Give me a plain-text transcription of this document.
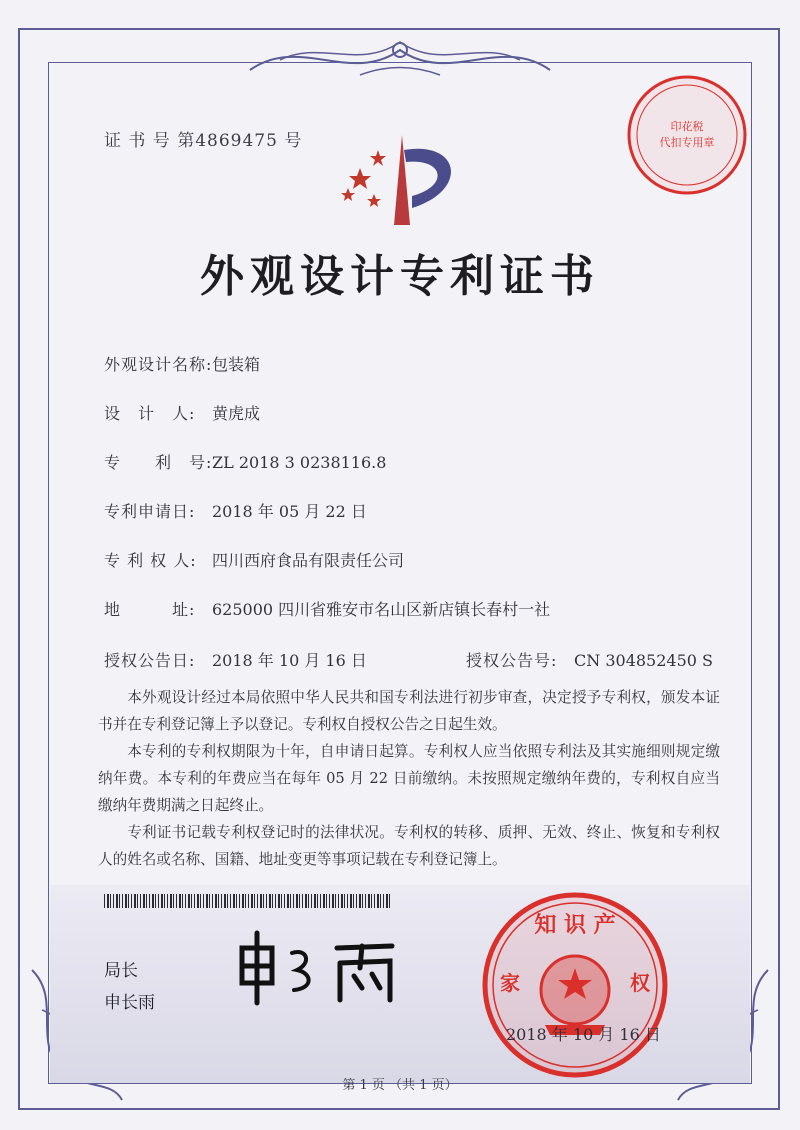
证 书 号 第4869475 号
外观设计专利证书
外观设计名称:包装箱
设　计　人: 黄虎成
专　　利　号:ZL 2018 3 0238116.8
专利申请日: 2018 年 05 月 22 日
专 利 权 人: 四川西府食品有限责任公司
地　　　址: 625000 四川省雅安市名山区新店镇长春村一社
授权公告日: 2018 年 10 月 16 日	授权公告号: CN 304852450 S

本外观设计经过本局依照中华人民共和国专利法进行初步审查，决定授予专利权，颁发本证书并在专利登记簿上予以登记。专利权自授权公告之日起生效。

本专利的专利权期限为十年，自申请日起算。专利权人应当依照专利法及其实施细则规定缴纳年费。本专利的年费应当在每年 05 月 22 日前缴纳。未按照规定缴纳年费的，专利权自应当缴纳年费期满之日起终止。

专利证书记载专利权登记时的法律状况。专利权的转移、质押、无效、终止、恢复和专利权人的姓名或名称、国籍、地址变更等事项记载在专利登记簿上。

局长
申长雨
知 识 产
家	权
2018 年 10 月 16 日
印花税
代扣专用章
第 1 页 （共 1 页）
